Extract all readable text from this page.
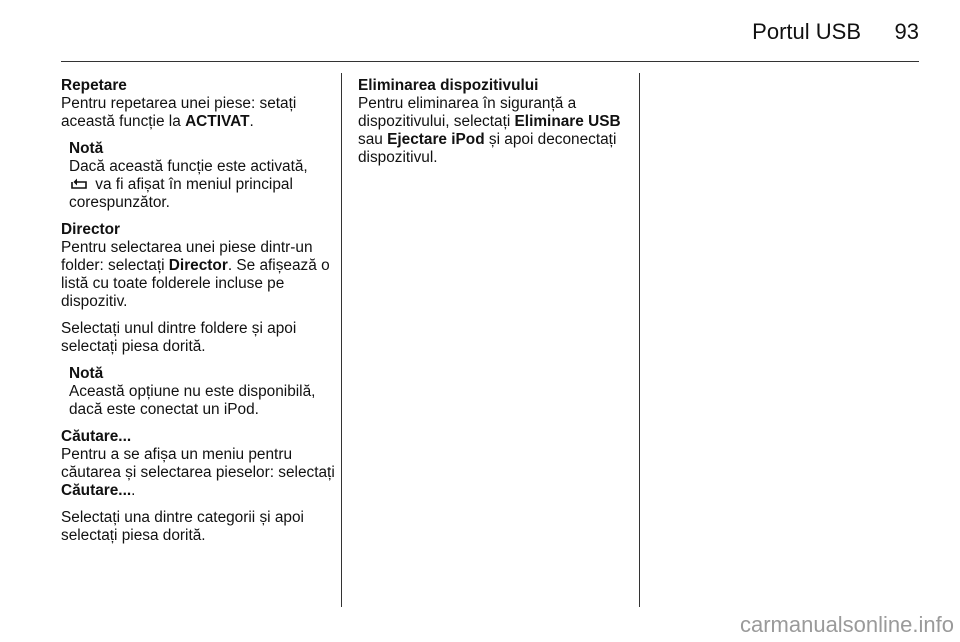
Portul USB 93

Repetare

Pentru repetarea unei piese: setați această funcție la ACTIVAT.

Notă
Dacă această funcție este activată,
va fi afișat în meniul principal corespunzător.

Director

Pentru selectarea unei piese dintr-un folder: selectați Director. Se afișează o listă cu toate folderele incluse pe dispozitiv.

Selectați unul dintre foldere și apoi selectați piesa dorită.

Notă
Această opțiune nu este disponibilă, dacă este conectat un iPod.

Căutare...

Pentru a se afișa un meniu pentru căutarea și selectarea pieselor: selectați Căutare....

Selectați una dintre categorii și apoi selectați piesa dorită.

Eliminarea dispozitivului

Pentru eliminarea în siguranță a dispozitivului, selectați Eliminare USB sau Ejectare iPod și apoi deconectați dispozitivul.

carmanualsonline.info
